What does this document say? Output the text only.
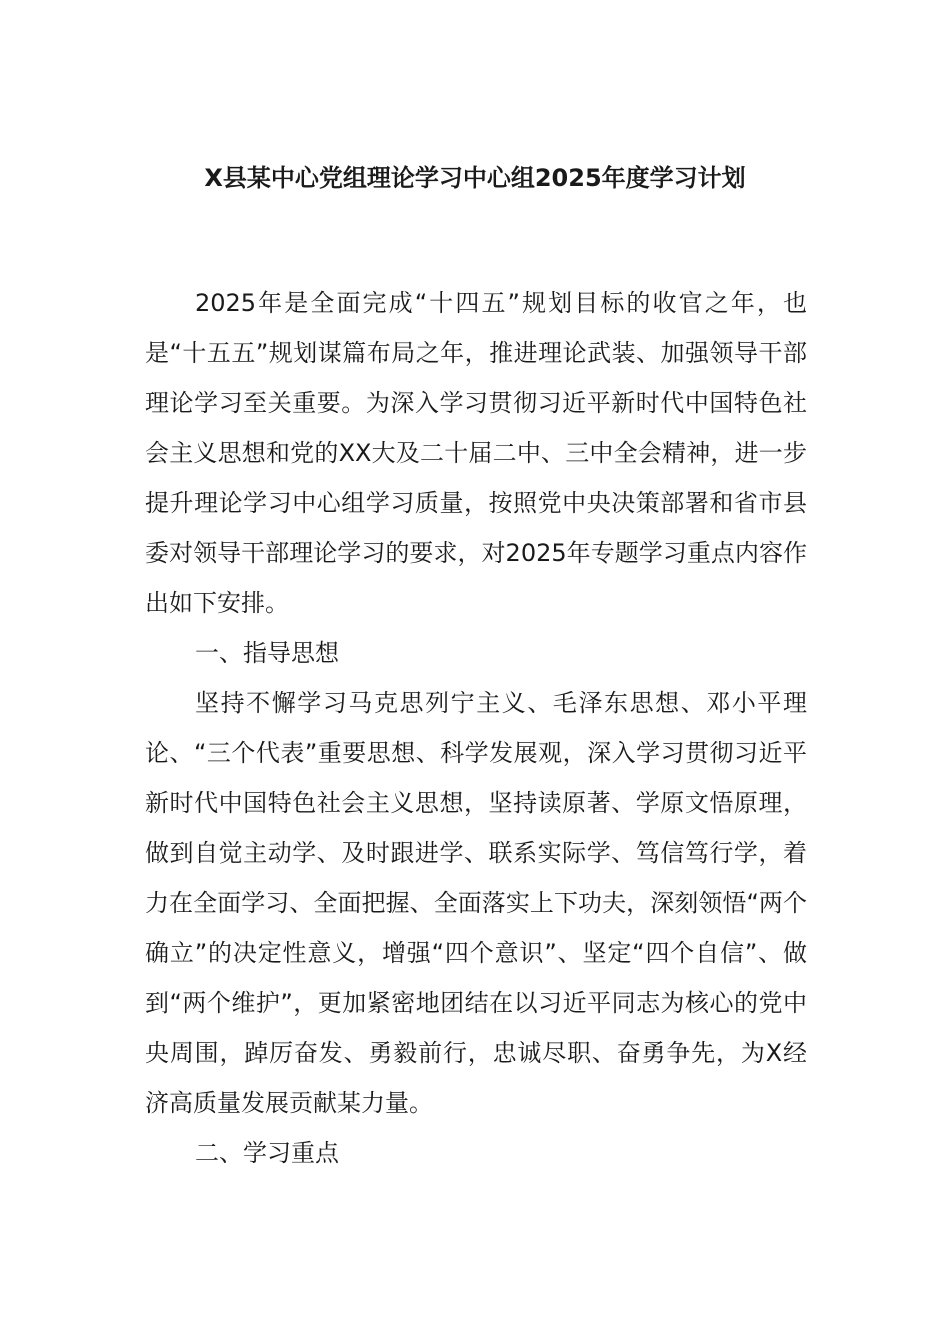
X县某中心党组理论学习中心组2025年度学习计划

2025年是全面完成“十四五”规划目标的收官之年，也是“十五五”规划谋篇布局之年，推进理论武装、加强领导干部理论学习至关重要。为深入学习贯彻习近平新时代中国特色社会主义思想和党的XX大及二十届二中、三中全会精神，进一步提升理论学习中心组学习质量，按照党中央决策部署和省市县委对领导干部理论学习的要求，对2025年专题学习重点内容作出如下安排。

一、指导思想

坚持不懈学习马克思列宁主义、毛泽东思想、邓小平理论、“三个代表”重要思想、科学发展观，深入学习贯彻习近平新时代中国特色社会主义思想，坚持读原著、学原文悟原理，做到自觉主动学、及时跟进学、联系实际学、笃信笃行学，着力在全面学习、全面把握、全面落实上下功夫，深刻领悟“两个确立”的决定性意义，增强“四个意识”、坚定“四个自信”、做到“两个维护”，更加紧密地团结在以习近平同志为核心的党中央周围，踔厉奋发、勇毅前行，忠诚尽职、奋勇争先，为X经济高质量发展贡献某力量。

二、学习重点
